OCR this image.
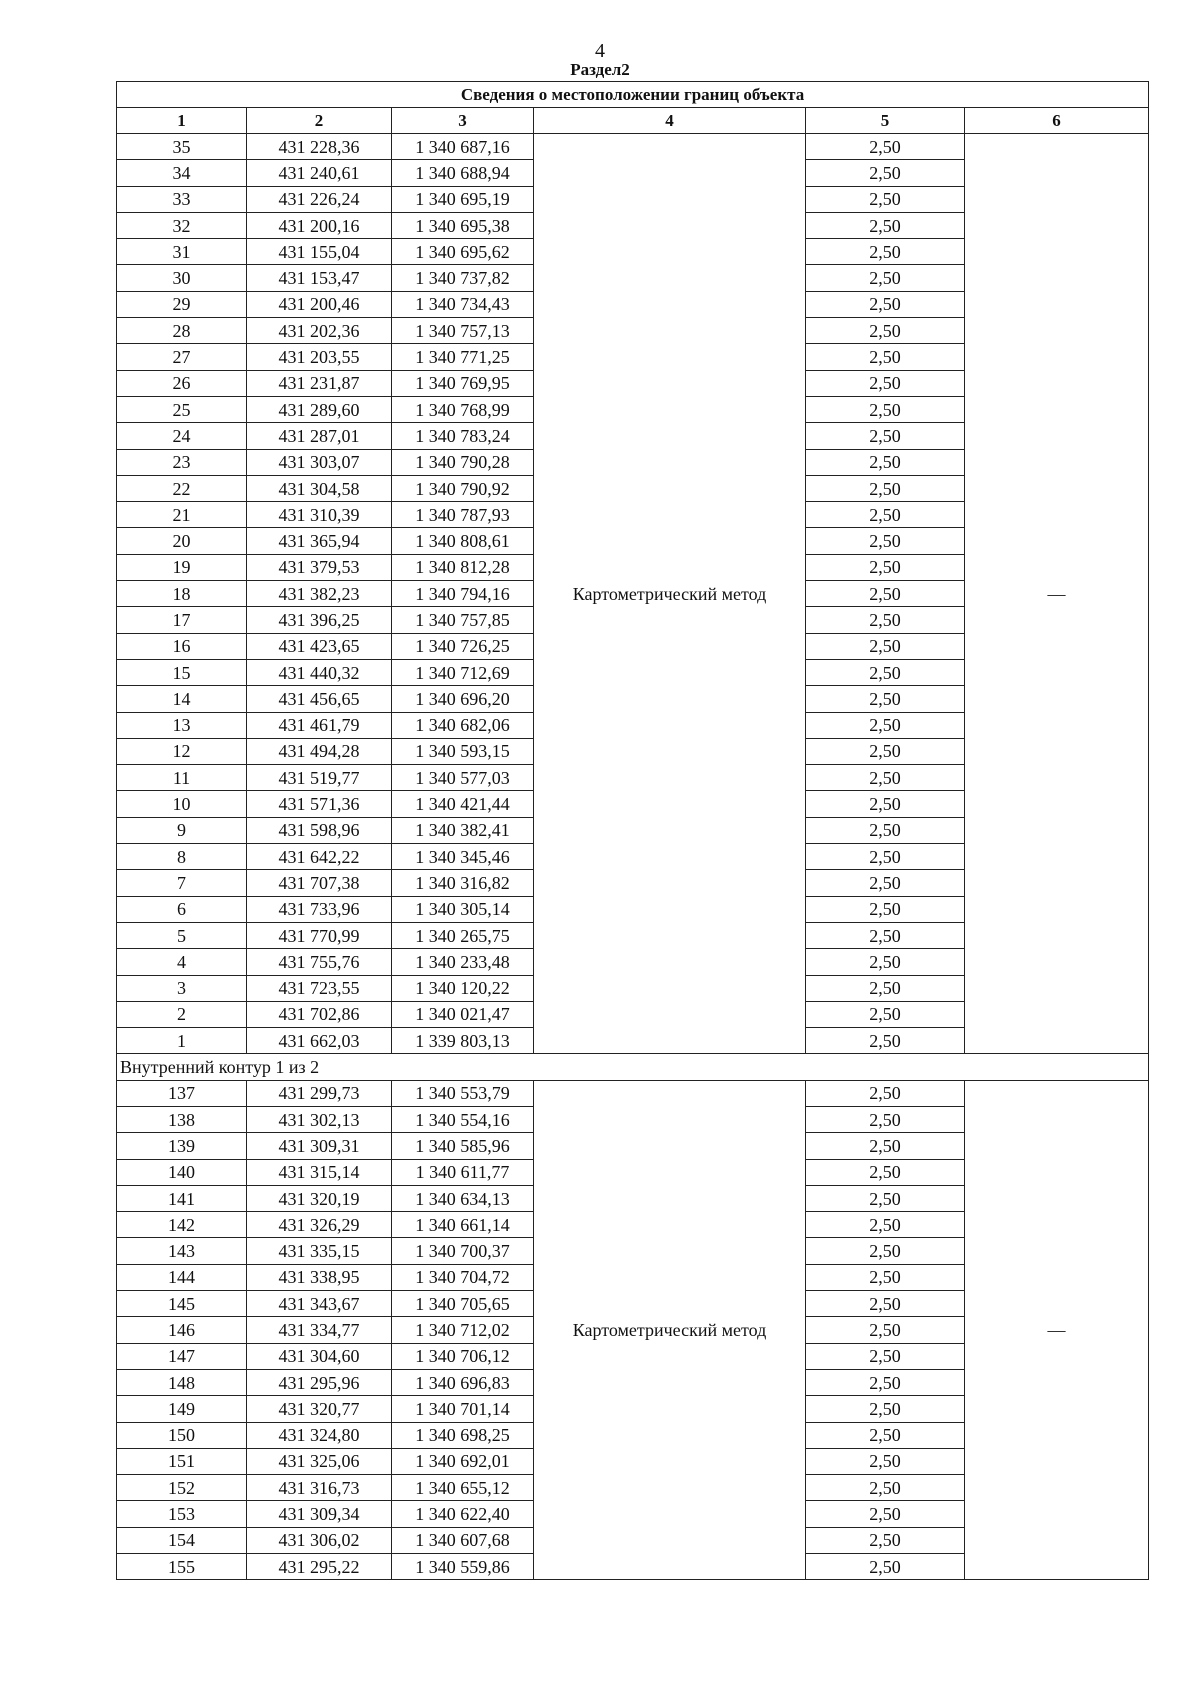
4
Раздел2
Сведения о местоположении границ объекта					
1	2	3	4	5	6
35	431 228,36	1 340 687,16	Картометрический метод	2,50	—
34	431 240,61	1 340 688,94		2,50	
33	431 226,24	1 340 695,19		2,50	
32	431 200,16	1 340 695,38		2,50	
31	431 155,04	1 340 695,62		2,50	
30	431 153,47	1 340 737,82		2,50	
29	431 200,46	1 340 734,43		2,50	
28	431 202,36	1 340 757,13		2,50	
27	431 203,55	1 340 771,25		2,50	
26	431 231,87	1 340 769,95		2,50	
25	431 289,60	1 340 768,99		2,50	
24	431 287,01	1 340 783,24		2,50	
23	431 303,07	1 340 790,28		2,50	
22	431 304,58	1 340 790,92		2,50	
21	431 310,39	1 340 787,93		2,50	
20	431 365,94	1 340 808,61		2,50	
19	431 379,53	1 340 812,28		2,50	
18	431 382,23	1 340 794,16		2,50	
17	431 396,25	1 340 757,85		2,50	
16	431 423,65	1 340 726,25		2,50	
15	431 440,32	1 340 712,69		2,50	
14	431 456,65	1 340 696,20		2,50	
13	431 461,79	1 340 682,06		2,50	
12	431 494,28	1 340 593,15		2,50	
11	431 519,77	1 340 577,03		2,50	
10	431 571,36	1 340 421,44		2,50	
9	431 598,96	1 340 382,41		2,50	
8	431 642,22	1 340 345,46		2,50	
7	431 707,38	1 340 316,82		2,50	
6	431 733,96	1 340 305,14		2,50	
5	431 770,99	1 340 265,75		2,50	
4	431 755,76	1 340 233,48		2,50	
3	431 723,55	1 340 120,22		2,50	
2	431 702,86	1 340 021,47		2,50	
1	431 662,03	1 339 803,13		2,50	
Внутренний контур 1 из 2					
137	431 299,73	1 340 553,79	Картометрический метод	2,50	—
138	431 302,13	1 340 554,16		2,50	
139	431 309,31	1 340 585,96		2,50	
140	431 315,14	1 340 611,77		2,50	
141	431 320,19	1 340 634,13		2,50	
142	431 326,29	1 340 661,14		2,50	
143	431 335,15	1 340 700,37		2,50	
144	431 338,95	1 340 704,72		2,50	
145	431 343,67	1 340 705,65		2,50	
146	431 334,77	1 340 712,02		2,50	
147	431 304,60	1 340 706,12		2,50	
148	431 295,96	1 340 696,83		2,50	
149	431 320,77	1 340 701,14		2,50	
150	431 324,80	1 340 698,25		2,50	
151	431 325,06	1 340 692,01		2,50	
152	431 316,73	1 340 655,12		2,50	
153	431 309,34	1 340 622,40		2,50	
154	431 306,02	1 340 607,68		2,50	
155	431 295,22	1 340 559,86		2,50	
